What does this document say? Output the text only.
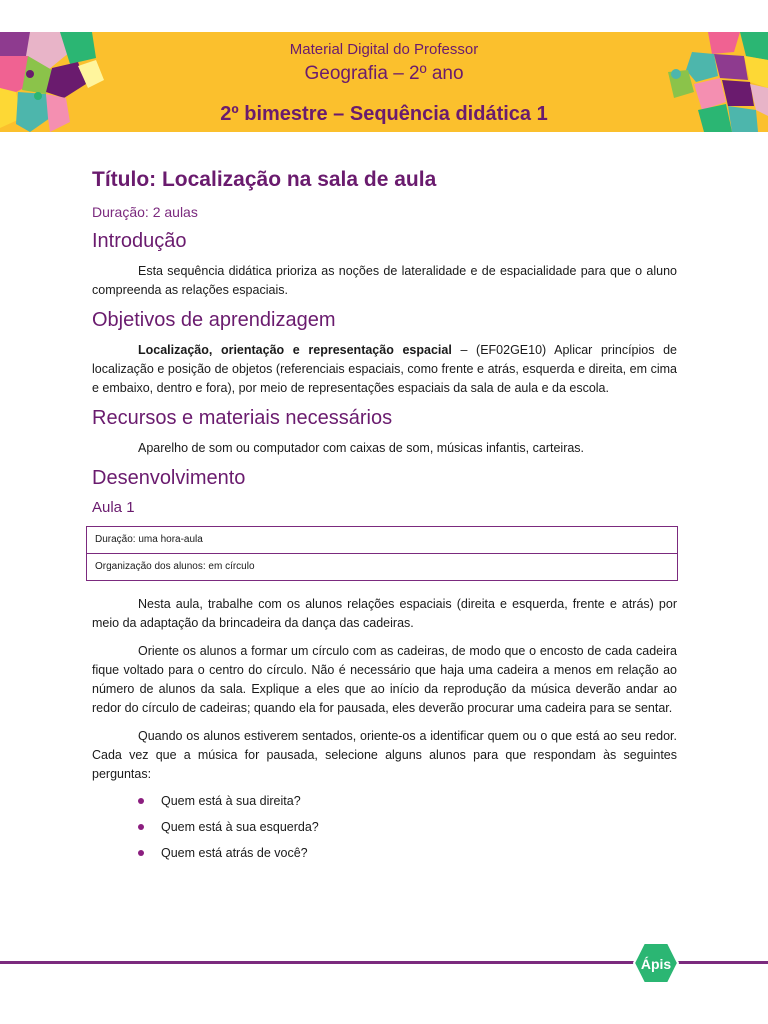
Material Digital do Professor
Geografia – 2º ano
2º bimestre – Sequência didática 1
Título: Localização na sala de aula
Duração: 2 aulas
Introdução

Esta sequência didática prioriza as noções de lateralidade e de espacialidade para que o aluno compreenda as relações espaciais.

Objetivos de aprendizagem

Localização, orientação e representação espacial – (EF02GE10) Aplicar princípios de localização e posição de objetos (referenciais espaciais, como frente e atrás, esquerda e direita, em cima e embaixo, dentro e fora), por meio de representações espaciais da sala de aula e da escola.

Recursos e materiais necessários

Aparelho de som ou computador com caixas de som, músicas infantis, carteiras.

Desenvolvimento
Aula 1
Duração: uma hora-aula
Organização dos alunos: em círculo

Nesta aula, trabalhe com os alunos relações espaciais (direita e esquerda, frente e atrás) por meio da adaptação da brincadeira da dança das cadeiras.

Oriente os alunos a formar um círculo com as cadeiras, de modo que o encosto de cada cadeira fique voltado para o centro do círculo. Não é necessário que haja uma cadeira a menos em relação ao número de alunos da sala. Explique a eles que ao início da reprodução da música deverão andar ao redor do círculo de cadeiras; quando ela for pausada, eles deverão procurar uma cadeira para se sentar.

Quando os alunos estiverem sentados, oriente-os a identificar quem ou o que está ao seu redor. Cada vez que a música for pausada, selecione alguns alunos para que respondam às seguintes perguntas:

Quem está à sua direita?
Quem está à sua esquerda?
Quem está atrás de você?
Ápis
